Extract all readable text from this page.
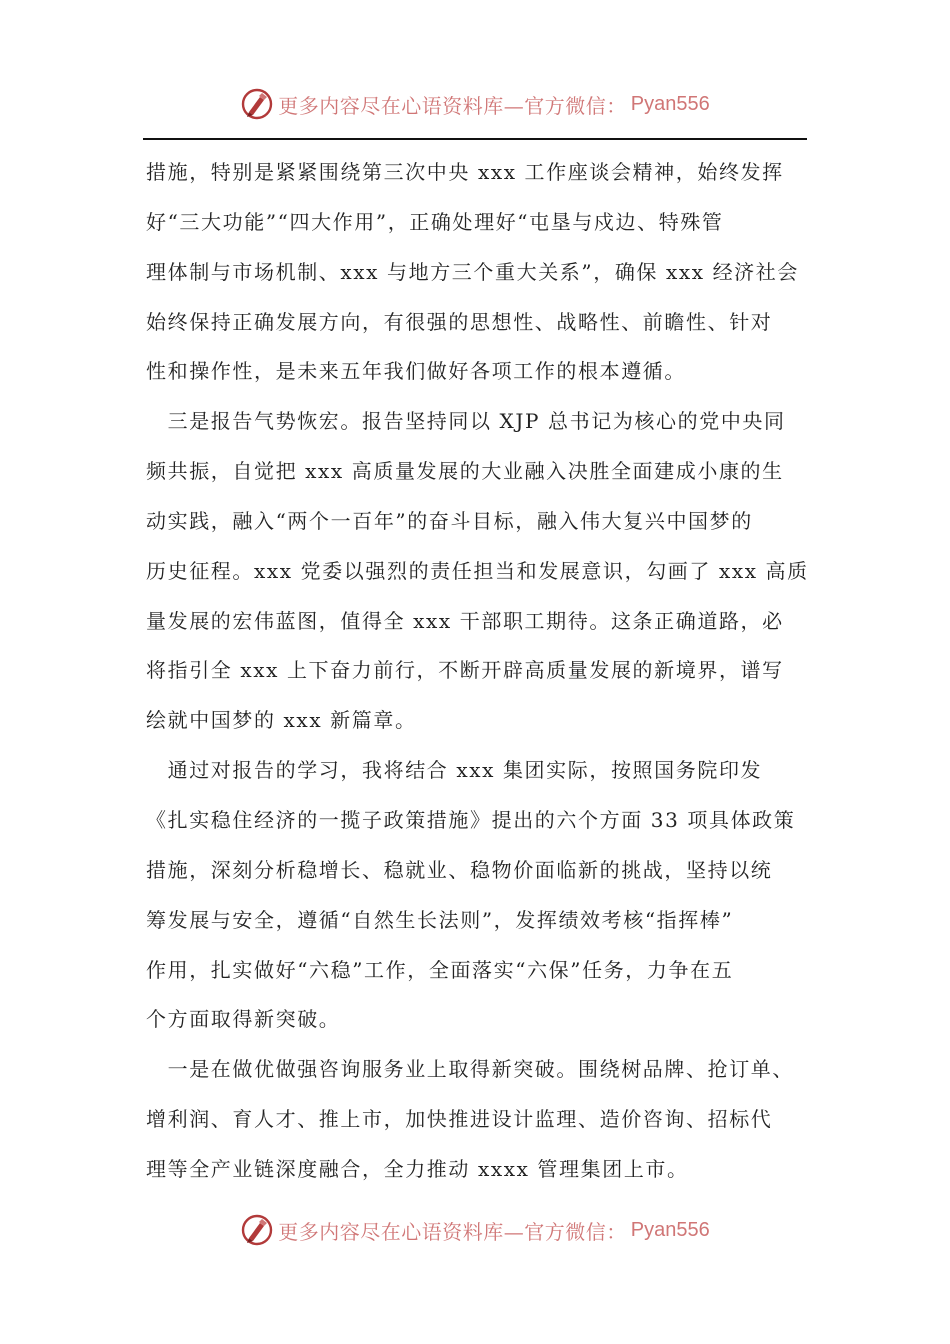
更多内容尽在心语资料库—官方微信： Pyan556
措施，特别是紧紧围绕第三次中央 xxx 工作座谈会精神，始终发挥
好“三大功能”“四大作用”，正确处理好“屯垦与戍边、特殊管
理体制与市场机制、xxx 与地方三个重大关系”，确保 xxx 经济社会
始终保持正确发展方向，有很强的思想性、战略性、前瞻性、针对
性和操作性，是未来五年我们做好各项工作的根本遵循。
　三是报告气势恢宏。报告坚持同以 XJP 总书记为核心的党中央同
频共振，自觉把 xxx 高质量发展的大业融入决胜全面建成小康的生
动实践，融入“两个一百年”的奋斗目标，融入伟大复兴中国梦的
历史征程。xxx 党委以强烈的责任担当和发展意识，勾画了 xxx 高质
量发展的宏伟蓝图，值得全 xxx 干部职工期待。这条正确道路，必
将指引全 xxx 上下奋力前行，不断开辟高质量发展的新境界，谱写
绘就中国梦的 xxx 新篇章。
　通过对报告的学习，我将结合 xxx 集团实际，按照国务院印发
《扎实稳住经济的一揽子政策措施》提出的六个方面 33 项具体政策
措施，深刻分析稳增长、稳就业、稳物价面临新的挑战，坚持以统
筹发展与安全，遵循“自然生长法则”，发挥绩效考核“指挥棒”
作用，扎实做好“六稳”工作，全面落实“六保”任务，力争在五
个方面取得新突破。
　一是在做优做强咨询服务业上取得新突破。围绕树品牌、抢订单、
增利润、育人才、推上市，加快推进设计监理、造价咨询、招标代
理等全产业链深度融合，全力推动 xxxx 管理集团上市。
更多内容尽在心语资料库—官方微信： Pyan556
